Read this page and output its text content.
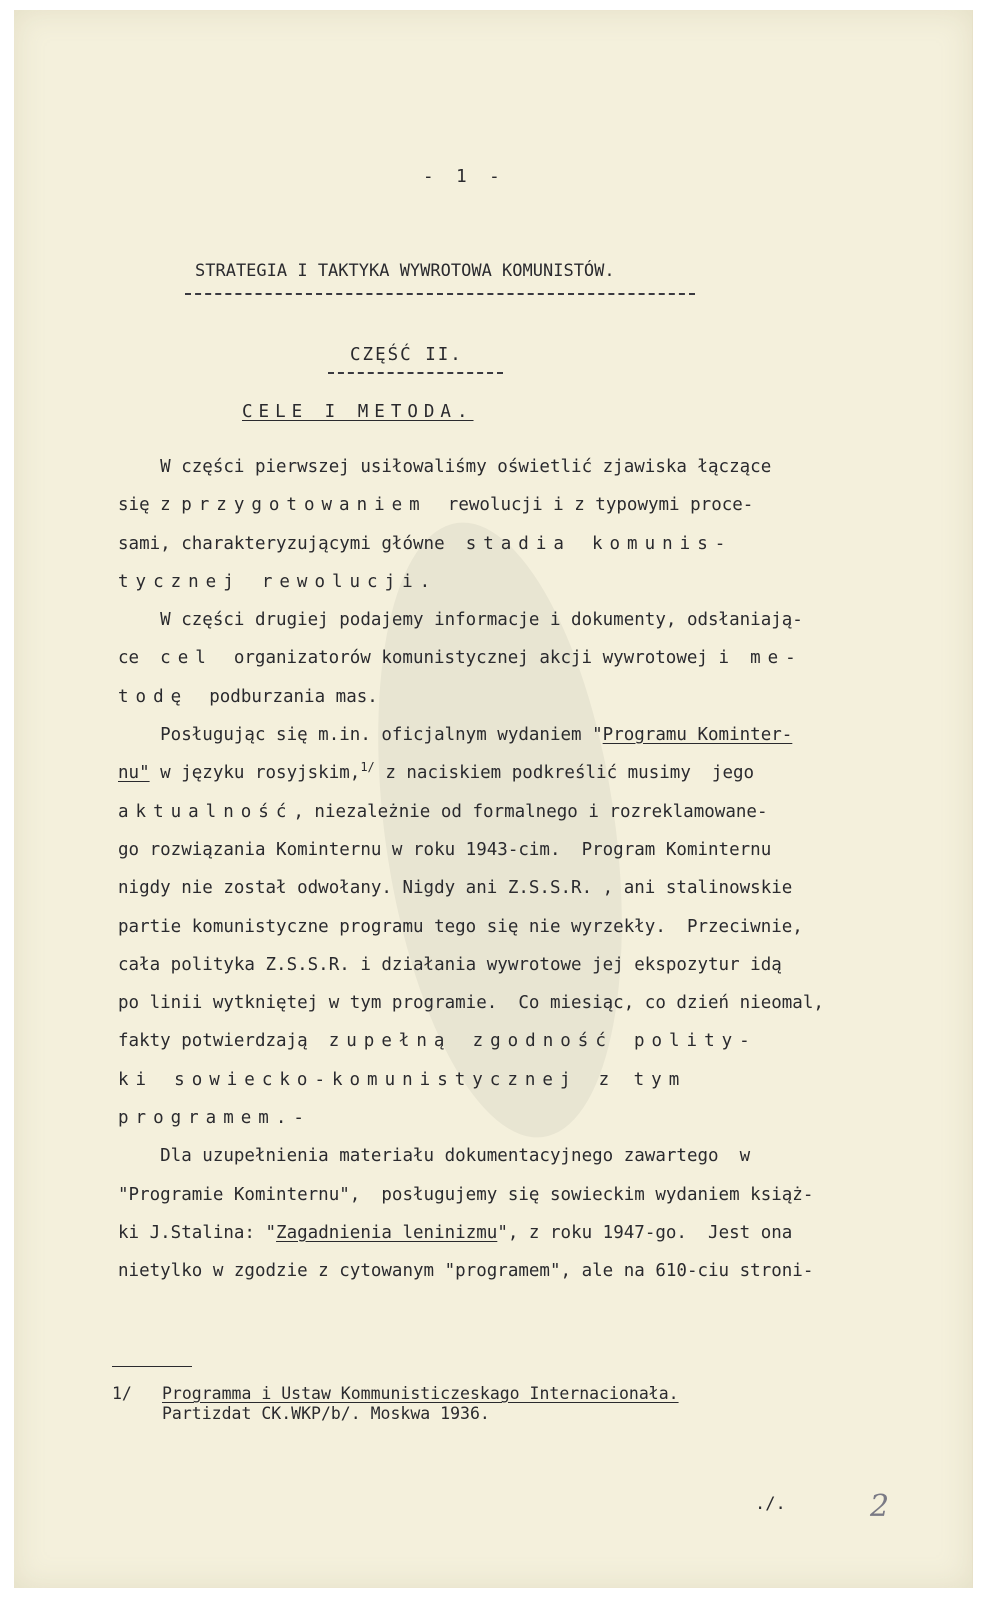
- 1 -
STRATEGIA I TAKTYKA WYWROTOWA KOMUNISTÓW.
CZĘŚĆ II.
CELE I METODA.

W części pierwszej usiłowaliśmy oświetlić zjawiska łączące

się z przygotowaniem  rewolucji i z typowymi proce-

sami, charakteryzującymi główne  stadia komunis-

tycznej rewolucji.

W części drugiej podajemy informacje i dokumenty, odsłaniają-

ce  cel  organizatorów komunistycznej akcji wywrotowej i  me-

todę  podburzania mas.

Posługując się m.in. oficjalnym wydaniem "Programu Kominter-

nu" w języku rosyjskim,$^{1/}$ z naciskiem podkreślić musimy  jego

aktualność, niezależnie od formalnego i rozreklamowane-

go rozwiązania Kominternu w roku 1943-cim.  Program Kominternu

nigdy nie został odwołany. Nigdy ani Z.S.S.R. , ani stalinowskie

partie komunistyczne programu tego się nie wyrzekły.  Przeciwnie,

cała polityka Z.S.S.R. i działania wywrotowe jej ekspozytur idą

po linii wytkniętej w tym programie.  Co miesiąc, co dzień nieomal,

fakty potwierdzają  zupełną zgodność polity-

ki sowiecko-komunistycznej z tym

programem.-

Dla uzupełnienia materiału dokumentacyjnego zawartego  w

"Programie Kominternu",  posługujemy się sowieckim wydaniem książ-

ki J.Stalina: "Zagadnienia leninizmu", z roku 1947-go.  Jest ona

nietylko w zgodzie z cytowanym "programem", ale na 610-ciu stroni-

1/ Programma i Ustaw Kommunisticzeskago Internacionała.
Partizdat CK.WKP/b/. Moskwa 1936.
./.	2
